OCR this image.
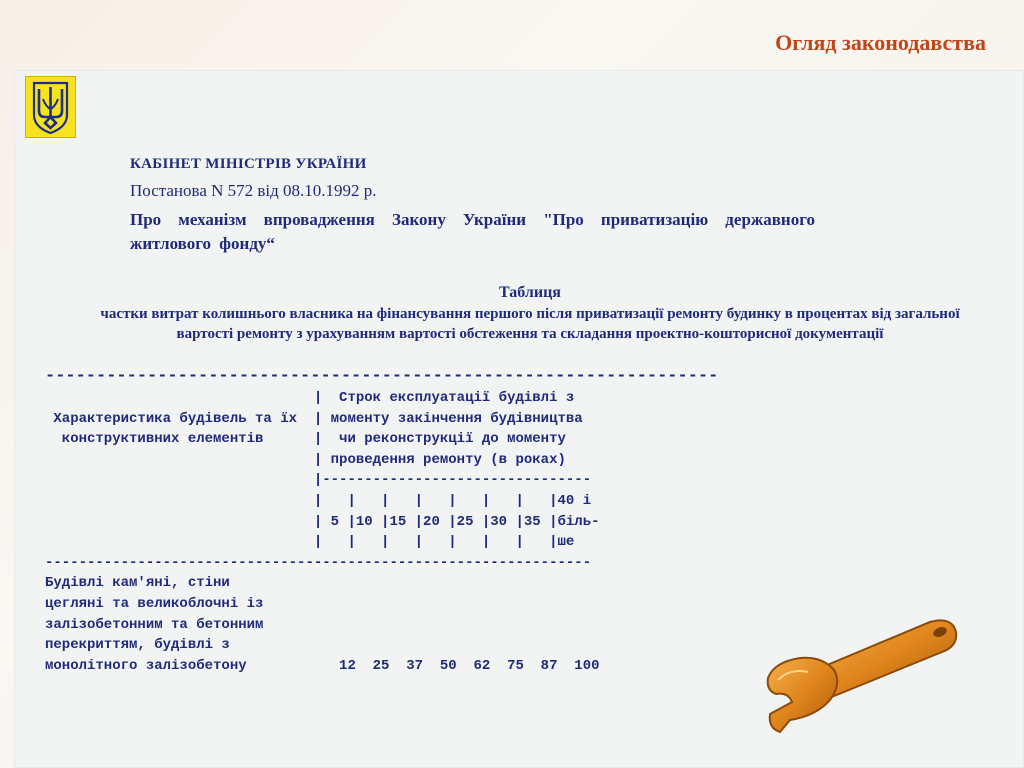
Огляд законодавства
КАБІНЕТ МІНІСТРІВ УКРАЇНИ
Постанова N 572 від 08.10.1992 р.
Про механізм впровадження Закону України "Про приватизацію державного житлового фонду“
Таблиця
частки витрат колишнього власника на фінансування першого після приватизації ремонту будинку в процентах від загальної вартості ремонту з урахуванням вартості обстеження та складання проектно-кошторисної документації
------------------------------------------------------------------
|  Строк експлуатації будівлі з
Характеристика будівель та їх  | моменту закінчення будівництва
конструктивних елементів      |  чи реконструкції до моменту
| проведення ремонту (в роках)
|--------------------------------
|   |   |   |   |   |   |   |40 і
| 5 |10 |15 |20 |25 |30 |35 |біль-
|   |   |   |   |   |   |   |ше
-----------------------------------------------------------------
Будівлі кам'яні, стіни
цегляні та великоблочні із
залізобетонним та бетонним
перекриттям, будівлі з
монолітного залізобетону           12  25  37  50  62  75  87  100
